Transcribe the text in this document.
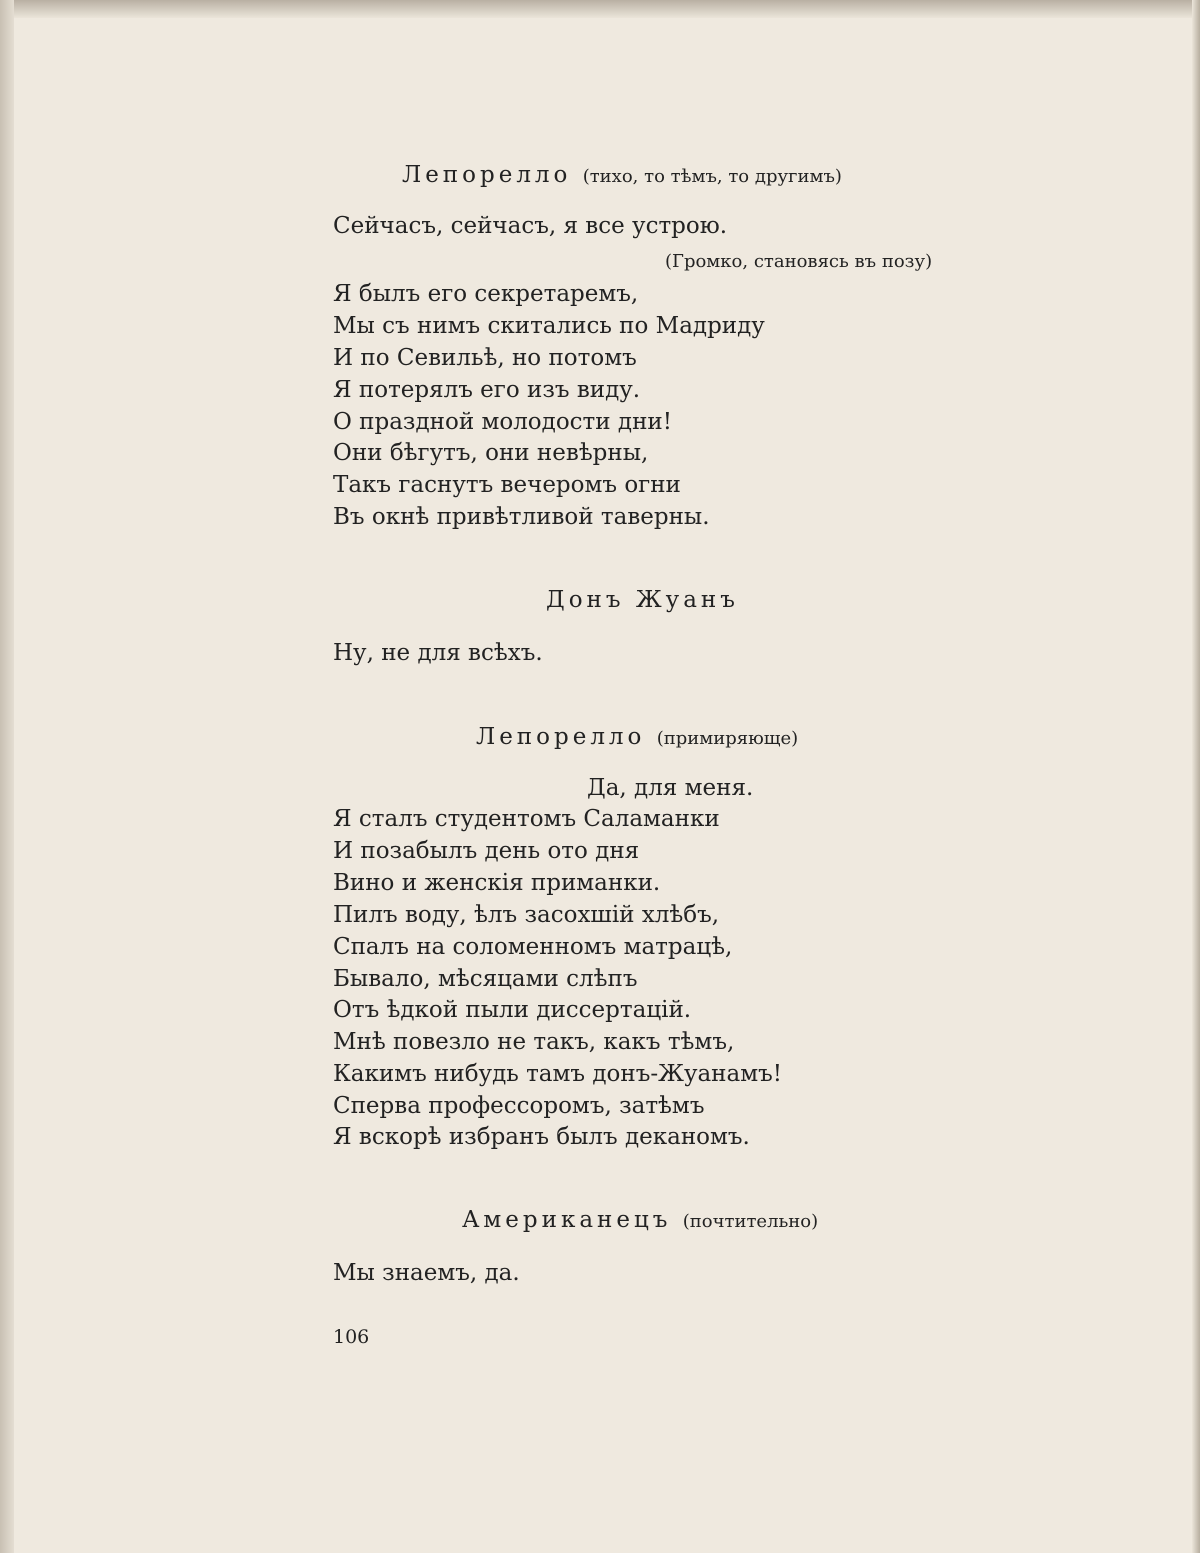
Лепорелло (тихо, то тѣмъ, то другимъ)
Сейчасъ, сейчасъ, я все устрою.
(Громко, становясь въ позу)
Я былъ его секретаремъ,
Мы съ нимъ скитались по Мадриду
И по Севильѣ, но потомъ
Я потерялъ его изъ виду.
О праздной молодости дни!
Они бѣгутъ, они невѣрны,
Такъ гаснутъ вечеромъ огни
Въ окнѣ привѣтливой таверны.
Донъ Жуанъ
Ну, не для всѣхъ.
Лепорелло (примиряюще)
Да, для меня.
Я сталъ студентомъ Саламанки
И позабылъ день ото дня
Вино и женскія приманки.
Пилъ воду, ѣлъ засохшій хлѣбъ,
Спалъ на соломенномъ матрацѣ,
Бывало, мѣсяцами слѣпъ
Отъ ѣдкой пыли диссертацій.
Мнѣ повезло не такъ, какъ тѣмъ,
Какимъ нибудь тамъ донъ-Жуанамъ!
Сперва профессоромъ, затѣмъ
Я вскорѣ избранъ былъ деканомъ.
Американецъ (почтительно)
Мы знаемъ, да.
106
